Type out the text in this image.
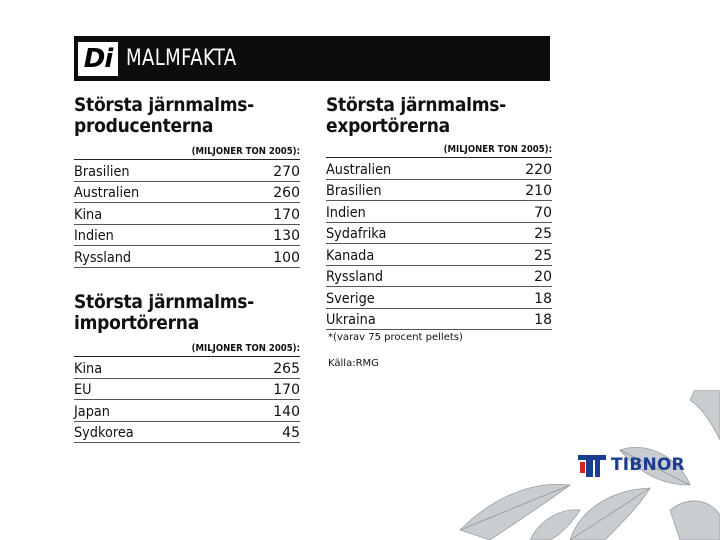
Di MALMFAKTA
Största järnmalms-
producenterna
(MILJONER TON 2005):
Brasilien	270
Australien	260
Kina	170
Indien	130
Ryssland	100
Största järnmalms-
importörerna
(MILJONER TON 2005):
Kina	265
EU	170
Japan	140
Sydkorea	45
Största järnmalms-
exportörerna
(MILJONER TON 2005):
Australien	220
Brasilien	210
Indien	70
Sydafrika	25
Kanada	25
Ryssland	20
Sverige	18
Ukraina	18
*(varav 75 procent pellets)
Källa:RMG
TIBNOR
